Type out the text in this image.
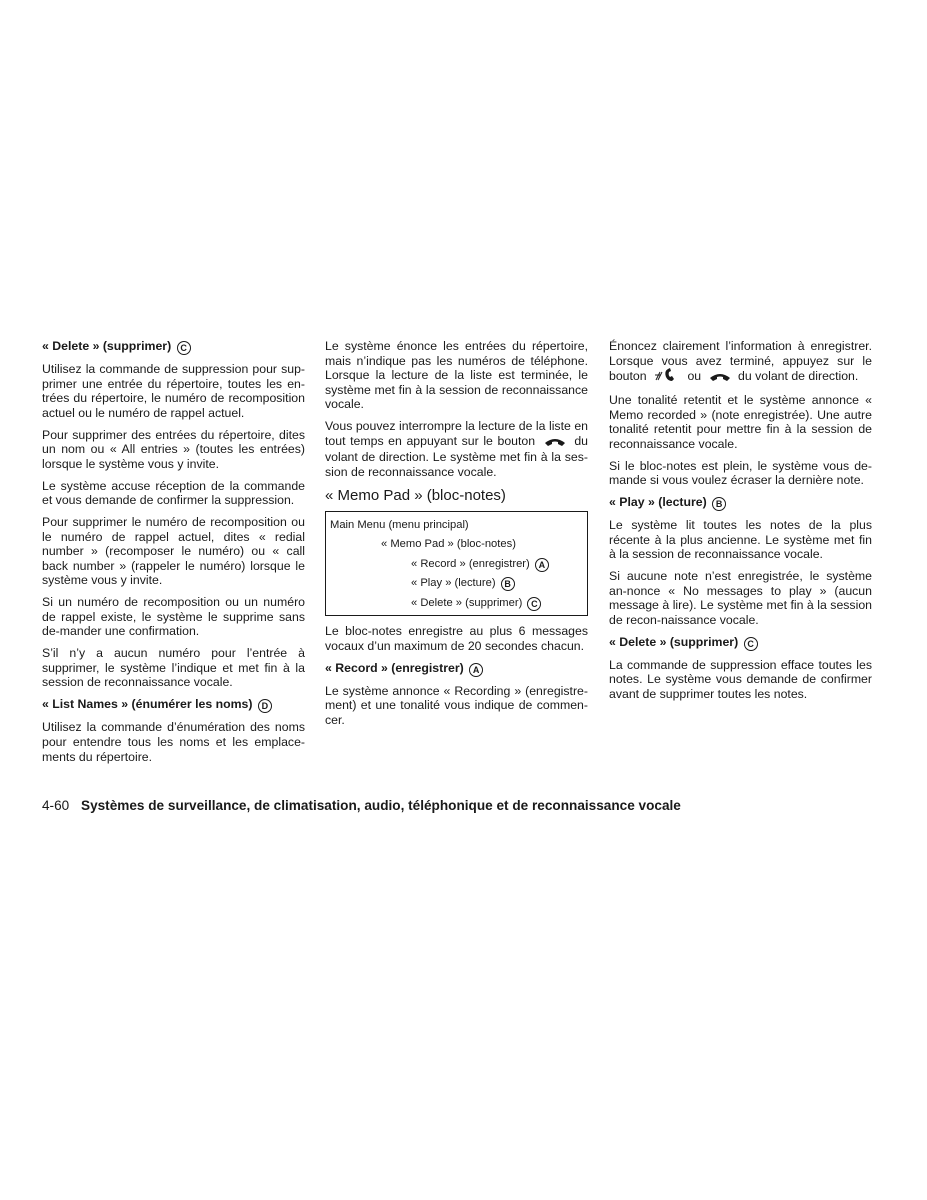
« Delete » (supprimer) C

Utilisez la commande de suppression pour sup-primer une entrée du répertoire, toutes les en-trées du répertoire, le numéro de recomposition actuel ou le numéro de rappel actuel.

Pour supprimer des entrées du répertoire, dites un nom ou « All entries » (toutes les entrées) lorsque le système vous y invite.

Le système accuse réception de la commande et vous demande de confirmer la suppression.

Pour supprimer le numéro de recomposition ou le numéro de rappel actuel, dites « redial number » (recomposer le numéro) ou « call back number » (rappeler le numéro) lorsque le système vous y invite.

Si un numéro de recomposition ou un numéro de rappel existe, le système le supprime sans de-mander une confirmation.

S’il n’y a aucun numéro pour l’entrée à supprimer, le système l’indique et met fin à la session de reconnaissance vocale.

« List Names » (énumérer les noms) D

Utilisez la commande d’énumération des noms pour entendre tous les noms et les emplace-ments du répertoire.

Le système énonce les entrées du répertoire, mais n’indique pas les numéros de téléphone. Lorsque la lecture de la liste est terminée, le système met fin à la session de reconnaissance vocale.

Vous pouvez interrompre la lecture de la liste en tout temps en appuyant sur le bouton	du volant de direction. Le système met fin à la ses-sion de reconnaissance vocale.

« Memo Pad » (bloc-notes)
Main Menu (menu principal)
« Memo Pad » (bloc-notes)
« Record » (enregistrer) A
« Play » (lecture) B
« Delete » (supprimer) C

Le bloc-notes enregistre au plus 6 messages vocaux d’un maximum de 20 secondes chacun.

« Record » (enregistrer) A

Le système annonce « Recording » (enregistre-ment) et une tonalité vous indique de commen-cer.

Énoncez clairement l’information à enregistrer. Lorsque vous avez terminé, appuyez sur le bouton	ou	du volant de direction.

Une tonalité retentit et le système annonce « Memo recorded » (note enregistrée). Une autre tonalité retentit pour mettre fin à la session de reconnaissance vocale.

Si le bloc-notes est plein, le système vous de-mande si vous voulez écraser la dernière note.

« Play » (lecture) B

Le système lit toutes les notes de la plus récente à la plus ancienne. Le système met fin à la session de reconnaissance vocale.

Si aucune note n’est enregistrée, le système an-nonce « No messages to play » (aucun message à lire). Le système met fin à la session de recon-naissance vocale.

« Delete » (supprimer) C

La commande de suppression efface toutes les notes. Le système vous demande de confirmer avant de supprimer toutes les notes.

4-60 Systèmes de surveillance, de climatisation, audio, téléphonique et de reconnaissance vocale
